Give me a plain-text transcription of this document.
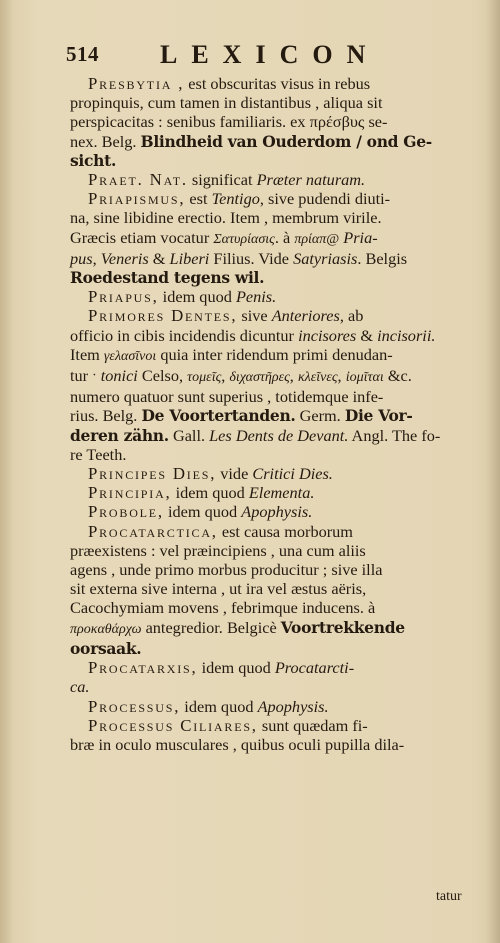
514 LEXICON

Presbytia , est obscuritas visus in rebus
propinquis, cum tamen in distantibus , aliqua sit
perspicacitas : senibus familiaris. ex πρέσβυς se-
nex. Belg. Blindheid van Ouderdom / ond Ge-
sicht.

Praet. Nat. significat Præter naturam.

Priapismus, est Tentigo, sive pudendi diuti-
na, sine libidine erectio. Item , membrum virile.
Græcis etiam vocatur Σατυρίασις. à πρίαπ@ Pria-
pus, Veneris & Liberi Filius. Vide Satyriasis. Belgis
Roedestand tegens wil.

Priapus, idem quod Penis.

Primores Dentes, sive Anteriores, ab
officio in cibis incidendis dicuntur incisores & incisorii.
Item γελασῖνοι quia inter ridendum primi denudan-
tur ˑ tonici Celso, τομεῖς, διχαστῆρες, κλεῖνες, ἰομῖται &c.
numero quatuor sunt superius , totidemque infe-
rius. Belg. De Voortertanden. Germ. Die Vor-
deren zähn. Gall. Les Dents de Devant. Angl. The fo-
re Teeth.

Principes Dies, vide Critici Dies.

Principia, idem quod Elementa.

Probole, idem quod Apophysis.

Procatarctica, est causa morborum
præexistens : vel præincipiens , una cum aliis
agens , unde primo morbus producitur ; sive illa
sit externa sive interna , ut ira vel æstus aëris,
Cacochymiam movens , febrimque inducens. à
προκαθάρχω antegredior. Belgicè Voortrekkende
oorsaak.

Procatarxis, idem quod Procatarcti-
ca.

Processus, idem quod Apophysis.

Processus Ciliares, sunt quædam fi-
bræ in oculo musculares , quibus oculi pupilla dila-

tatur
